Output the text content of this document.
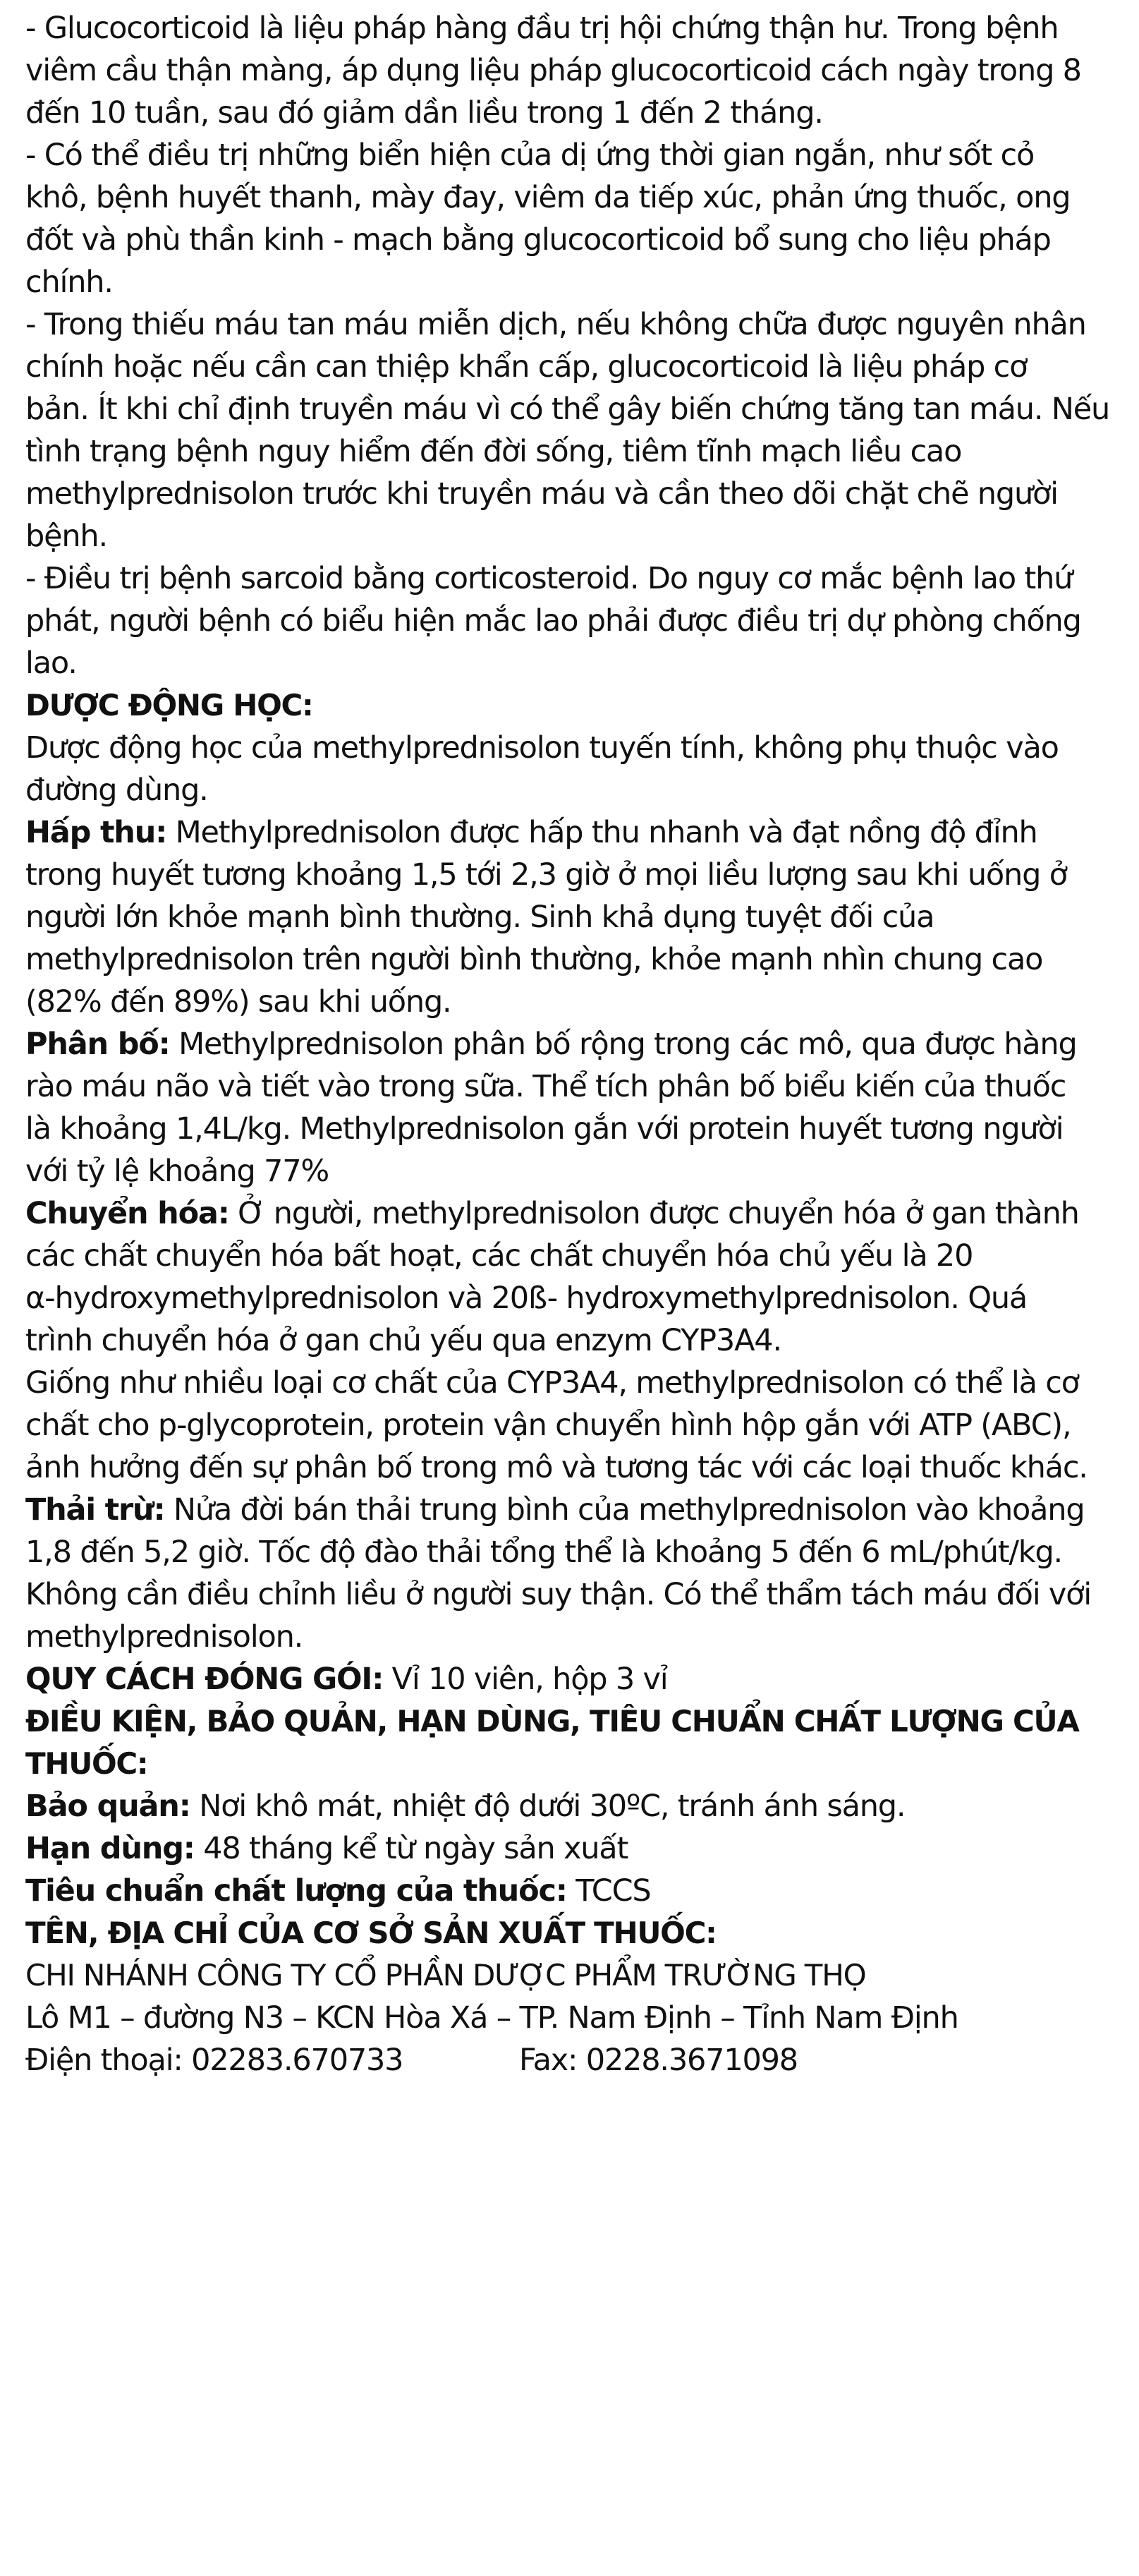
- Glucocorticoid là liệu pháp hàng đầu trị hội chứng thận hư. Trong bệnh
viêm cầu thận màng, áp dụng liệu pháp glucocorticoid cách ngày trong 8
đến 10 tuần, sau đó giảm dần liều trong 1 đến 2 tháng.
- Có thể điều trị những biển hiện của dị ứng thời gian ngắn, như sốt cỏ
khô, bệnh huyết thanh, mày đay, viêm da tiếp xúc, phản ứng thuốc, ong
đốt và phù thần kinh - mạch bằng glucocorticoid bổ sung cho liệu pháp
chính.
- Trong thiếu máu tan máu miễn dịch, nếu không chữa được nguyên nhân
chính hoặc nếu cần can thiệp khẩn cấp, glucocorticoid là liệu pháp cơ
bản. Ít khi chỉ định truyền máu vì có thể gây biến chứng tăng tan máu. Nếu
tình trạng bệnh nguy hiểm đến đời sống, tiêm tĩnh mạch liều cao
methylprednisolon trước khi truyền máu và cần theo dõi chặt chẽ người
bệnh.
- Điều trị bệnh sarcoid bằng corticosteroid. Do nguy cơ mắc bệnh lao thứ
phát, người bệnh có biểu hiện mắc lao phải được điều trị dự phòng chống
lao.
DƯỢC ĐỘNG HỌC:
Dược động học của methylprednisolon tuyến tính, không phụ thuộc vào
đường dùng.
Hấp thu: Methylprednisolon được hấp thu nhanh và đạt nồng độ đỉnh
trong huyết tương khoảng 1,5 tới 2,3 giờ ở mọi liều lượng sau khi uống ở
người lớn khỏe mạnh bình thường. Sinh khả dụng tuyệt đối của
methylprednisolon trên người bình thường, khỏe mạnh nhìn chung cao
(82% đến 89%) sau khi uống.
Phân bố: Methylprednisolon phân bố rộng trong các mô, qua được hàng
rào máu não và tiết vào trong sữa. Thể tích phân bố biểu kiến của thuốc
là khoảng 1,4L/kg. Methylprednisolon gắn với protein huyết tương người
với tỷ lệ khoảng 77%
Chuyển hóa: Ở người, methylprednisolon được chuyển hóa ở gan thành
các chất chuyển hóa bất hoạt, các chất chuyển hóa chủ yếu là 20
α-hydroxymethylprednisolon và 20ß- hydroxymethylprednisolon. Quá
trình chuyển hóa ở gan chủ yếu qua enzym CYP3A4.
Giống như nhiều loại cơ chất của CYP3A4, methylprednisolon có thể là cơ
chất cho p-glycoprotein, protein vận chuyển hình hộp gắn với ATP (ABC),
ảnh hưởng đến sự phân bố trong mô và tương tác với các loại thuốc khác.
Thải trừ: Nửa đời bán thải trung bình của methylprednisolon vào khoảng
1,8 đến 5,2 giờ. Tốc độ đào thải tổng thể là khoảng 5 đến 6 mL/phút/kg.
Không cần điều chỉnh liều ở người suy thận. Có thể thẩm tách máu đối với
methylprednisolon.
QUY CÁCH ĐÓNG GÓI: Vỉ 10 viên, hộp 3 vỉ
ĐIỀU KIỆN, BẢO QUẢN, HẠN DÙNG, TIÊU CHUẨN CHẤT LƯỢNG CỦA
THUỐC:
Bảo quản: Nơi khô mát, nhiệt độ dưới 30ºC, tránh ánh sáng.
Hạn dùng: 48 tháng kể từ ngày sản xuất
Tiêu chuẩn chất lượng của thuốc: TCCS
TÊN, ĐỊA CHỈ CỦA CƠ SỞ SẢN XUẤT THUỐC:
CHI NHÁNH CÔNG TY CỔ PHẦN DƯỢC PHẨM TRƯỜNG THỌ
Lô M1 – đường N3 – KCN Hòa Xá – TP. Nam Định – Tỉnh Nam Định
Điện thoại: 02283.670733	Fax: 0228.3671098
